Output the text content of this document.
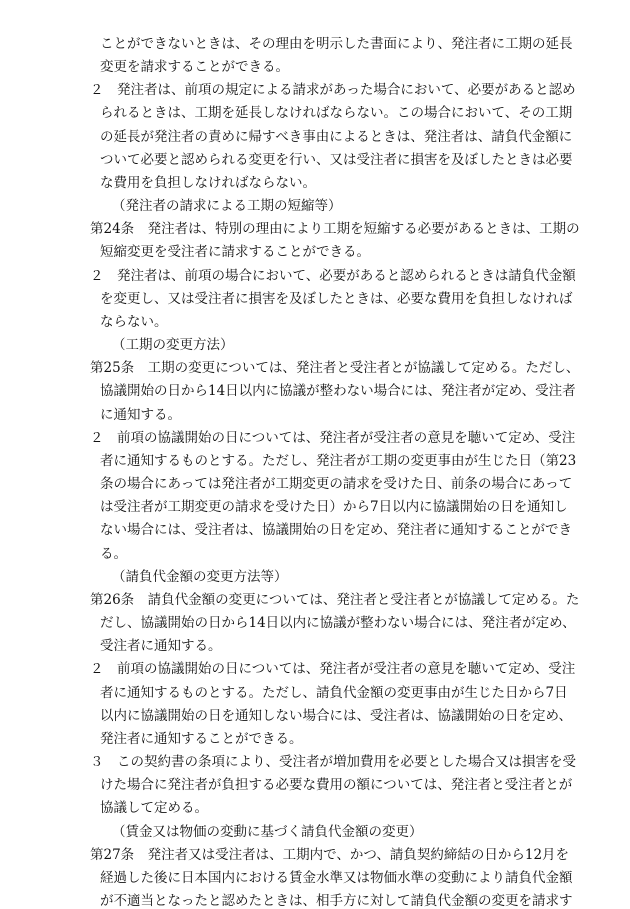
ことができないときは、その理由を明示した書面により、発注者に工期の延長
変更を請求することができる。
２　発注者は、前項の規定による請求があった場合において、必要があると認め
られるときは、工期を延長しなければならない。この場合において、その工期
の延長が発注者の責めに帰すべき事由によるときは、発注者は、請負代金額に
ついて必要と認められる変更を行い、又は受注者に損害を及ぼしたときは必要
な費用を負担しなければならない。
（発注者の請求による工期の短縮等）
第24条　発注者は、特別の理由により工期を短縮する必要があるときは、工期の
短縮変更を受注者に請求することができる。
２　発注者は、前項の場合において、必要があると認められるときは請負代金額
を変更し、又は受注者に損害を及ぼしたときは、必要な費用を負担しなければ
ならない。
（工期の変更方法）
第25条　工期の変更については、発注者と受注者とが協議して定める。ただし、
協議開始の日から14日以内に協議が整わない場合には、発注者が定め、受注者
に通知する。
２　前項の協議開始の日については、発注者が受注者の意見を聴いて定め、受注
者に通知するものとする。ただし、発注者が工期の変更事由が生じた日（第23
条の場合にあっては発注者が工期変更の請求を受けた日、前条の場合にあって
は受注者が工期変更の請求を受けた日）から7日以内に協議開始の日を通知し
ない場合には、受注者は、協議開始の日を定め、発注者に通知することができ
る。
（請負代金額の変更方法等）
第26条　請負代金額の変更については、発注者と受注者とが協議して定める。た
だし、協議開始の日から14日以内に協議が整わない場合には、発注者が定め、
受注者に通知する。
２　前項の協議開始の日については、発注者が受注者の意見を聴いて定め、受注
者に通知するものとする。ただし、請負代金額の変更事由が生じた日から7日
以内に協議開始の日を通知しない場合には、受注者は、協議開始の日を定め、
発注者に通知することができる。
３　この契約書の条項により、受注者が増加費用を必要とした場合又は損害を受
けた場合に発注者が負担する必要な費用の額については、発注者と受注者とが
協議して定める。
（賃金又は物価の変動に基づく請負代金額の変更）
第27条　発注者又は受注者は、工期内で、かつ、請負契約締結の日から12月を
経過した後に日本国内における賃金水準又は物価水準の変動により請負代金額
が不適当となったと認めたときは、相手方に対して請負代金額の変更を請求す
